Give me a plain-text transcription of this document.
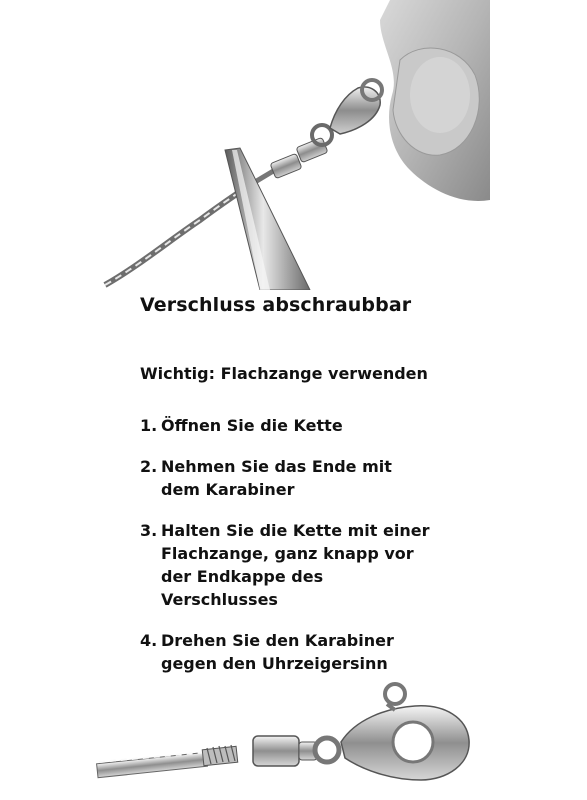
Verschluss abschraubbar
Wichtig: Flachzange verwenden
1. Öffnen Sie die Kette
2. Nehmen Sie das Ende mit
dem Karabiner
3. Halten Sie die Kette mit einer
Flachzange, ganz knapp vor
der Endkappe des
Verschlusses
4. Drehen Sie den Karabiner
gegen den Uhrzeigersinn
